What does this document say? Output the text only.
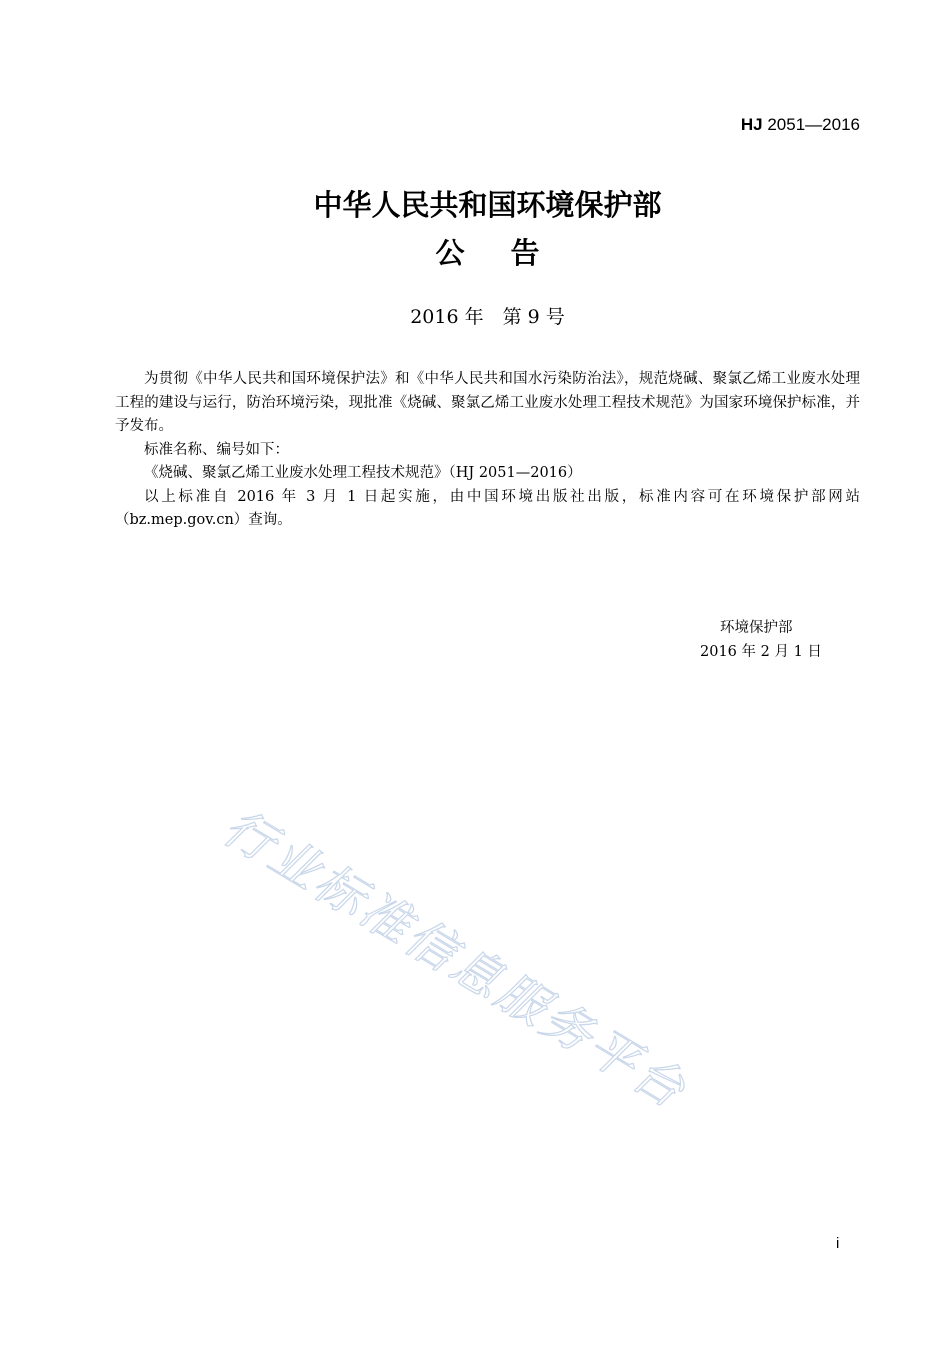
HJ 2051—2016
中华人民共和国环境保护部
公 告
2016 年　第 9 号

为贯彻《中华人民共和国环境保护法》和《中华人民共和国水污染防治法》，规范烧碱、聚氯乙烯工业废水处理工程的建设与运行，防治环境污染，现批准《烧碱、聚氯乙烯工业废水处理工程技术规范》为国家环境保护标准，并予发布。

标准名称、编号如下：

《烧碱、聚氯乙烯工业废水处理工程技术规范》（HJ 2051—2016）

以上标准自 2016 年 3 月 1 日起实施，由中国环境出版社出版，标准内容可在环境保护部网站（bz.mep.gov.cn）查询。

环境保护部
2016 年 2 月 1 日
行业标准信息服务平台
i
